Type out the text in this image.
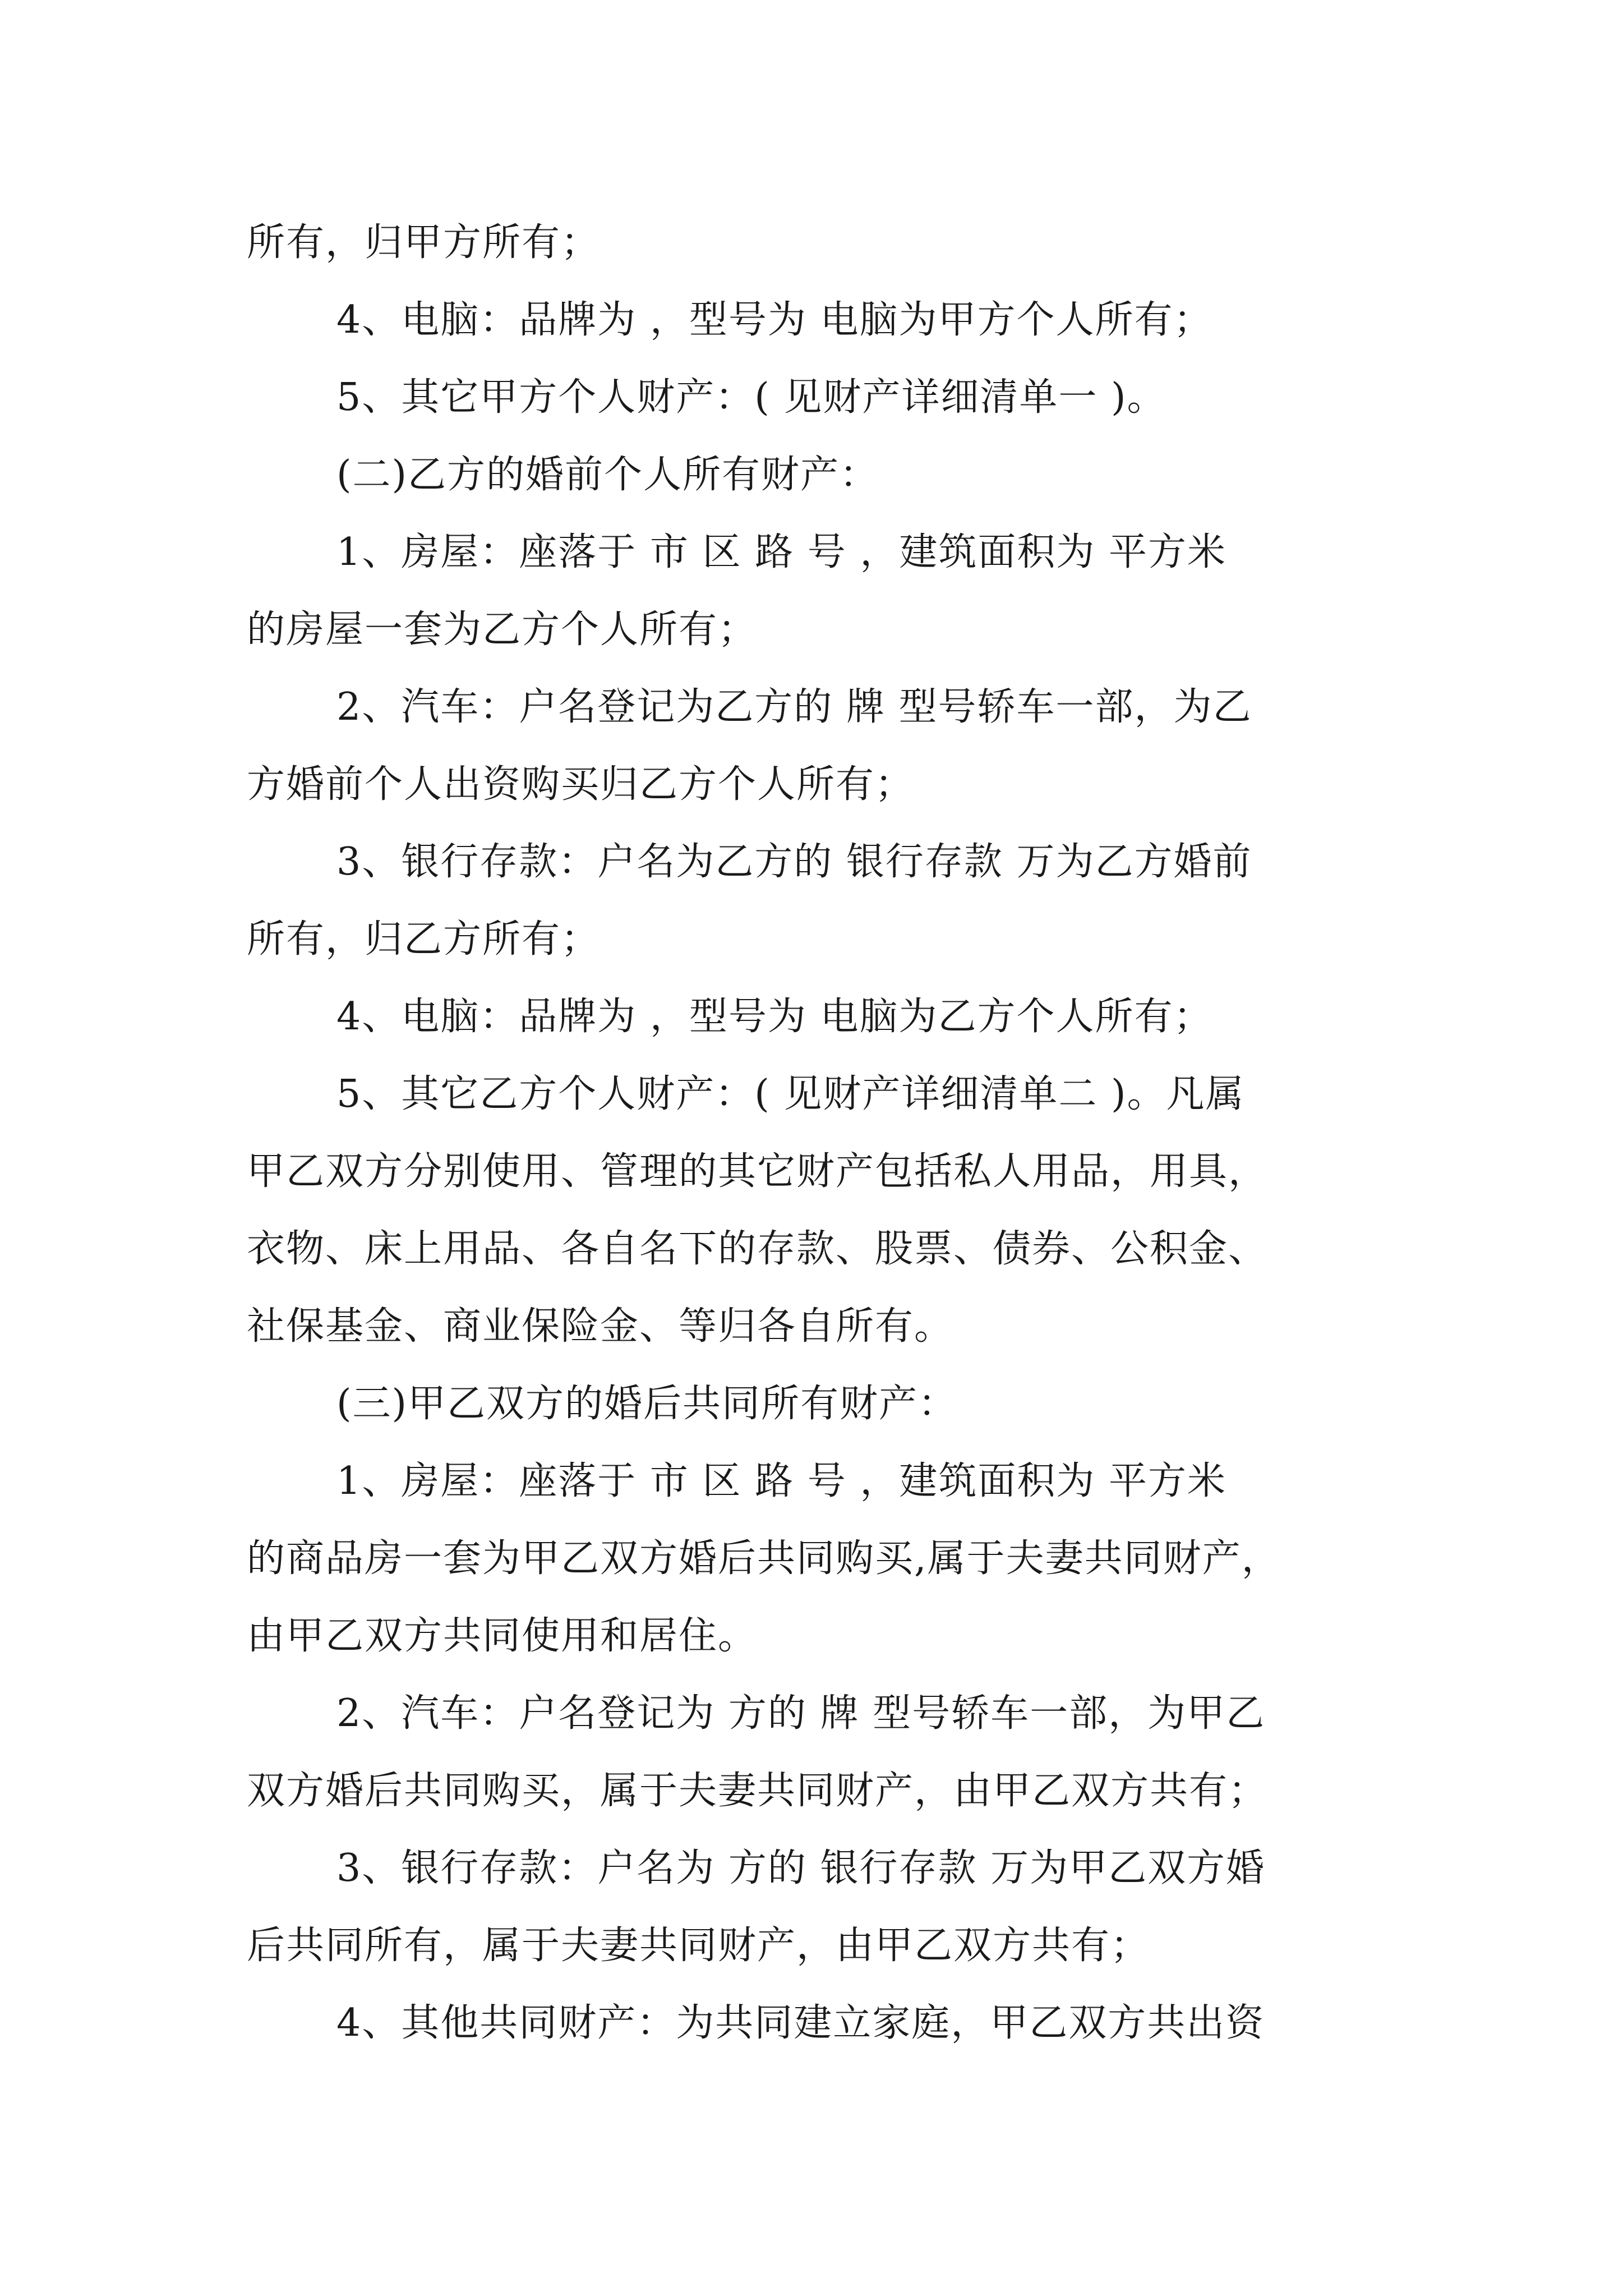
所有，归甲方所有；
4、电脑：品牌为 ，型号为 电脑为甲方个人所有；
5、其它甲方个人财产：( 见财产详细清单一 )。
(二)乙方的婚前个人所有财产：
1、房屋：座落于 市 区 路 号 ，建筑面积为 平方米
的房屋一套为乙方个人所有；
2、汽车：户名登记为乙方的 牌 型号轿车一部，为乙
方婚前个人出资购买归乙方个人所有；
3、银行存款：户名为乙方的 银行存款 万为乙方婚前
所有，归乙方所有；
4、电脑：品牌为 ，型号为 电脑为乙方个人所有；
5、其它乙方个人财产：( 见财产详细清单二 )。凡属
甲乙双方分别使用、管理的其它财产包括私人用品，用具，
衣物、床上用品、各自名下的存款、股票、债券、公积金、
社保基金、商业保险金、等归各自所有。
(三)甲乙双方的婚后共同所有财产：
1、房屋：座落于 市 区 路 号 ，建筑面积为 平方米
的商品房一套为甲乙双方婚后共同购买,属于夫妻共同财产，
由甲乙双方共同使用和居住。
2、汽车：户名登记为 方的 牌 型号轿车一部，为甲乙
双方婚后共同购买，属于夫妻共同财产，由甲乙双方共有；
3、银行存款：户名为 方的 银行存款 万为甲乙双方婚
后共同所有，属于夫妻共同财产，由甲乙双方共有；
4、其他共同财产：为共同建立家庭，甲乙双方共出资
